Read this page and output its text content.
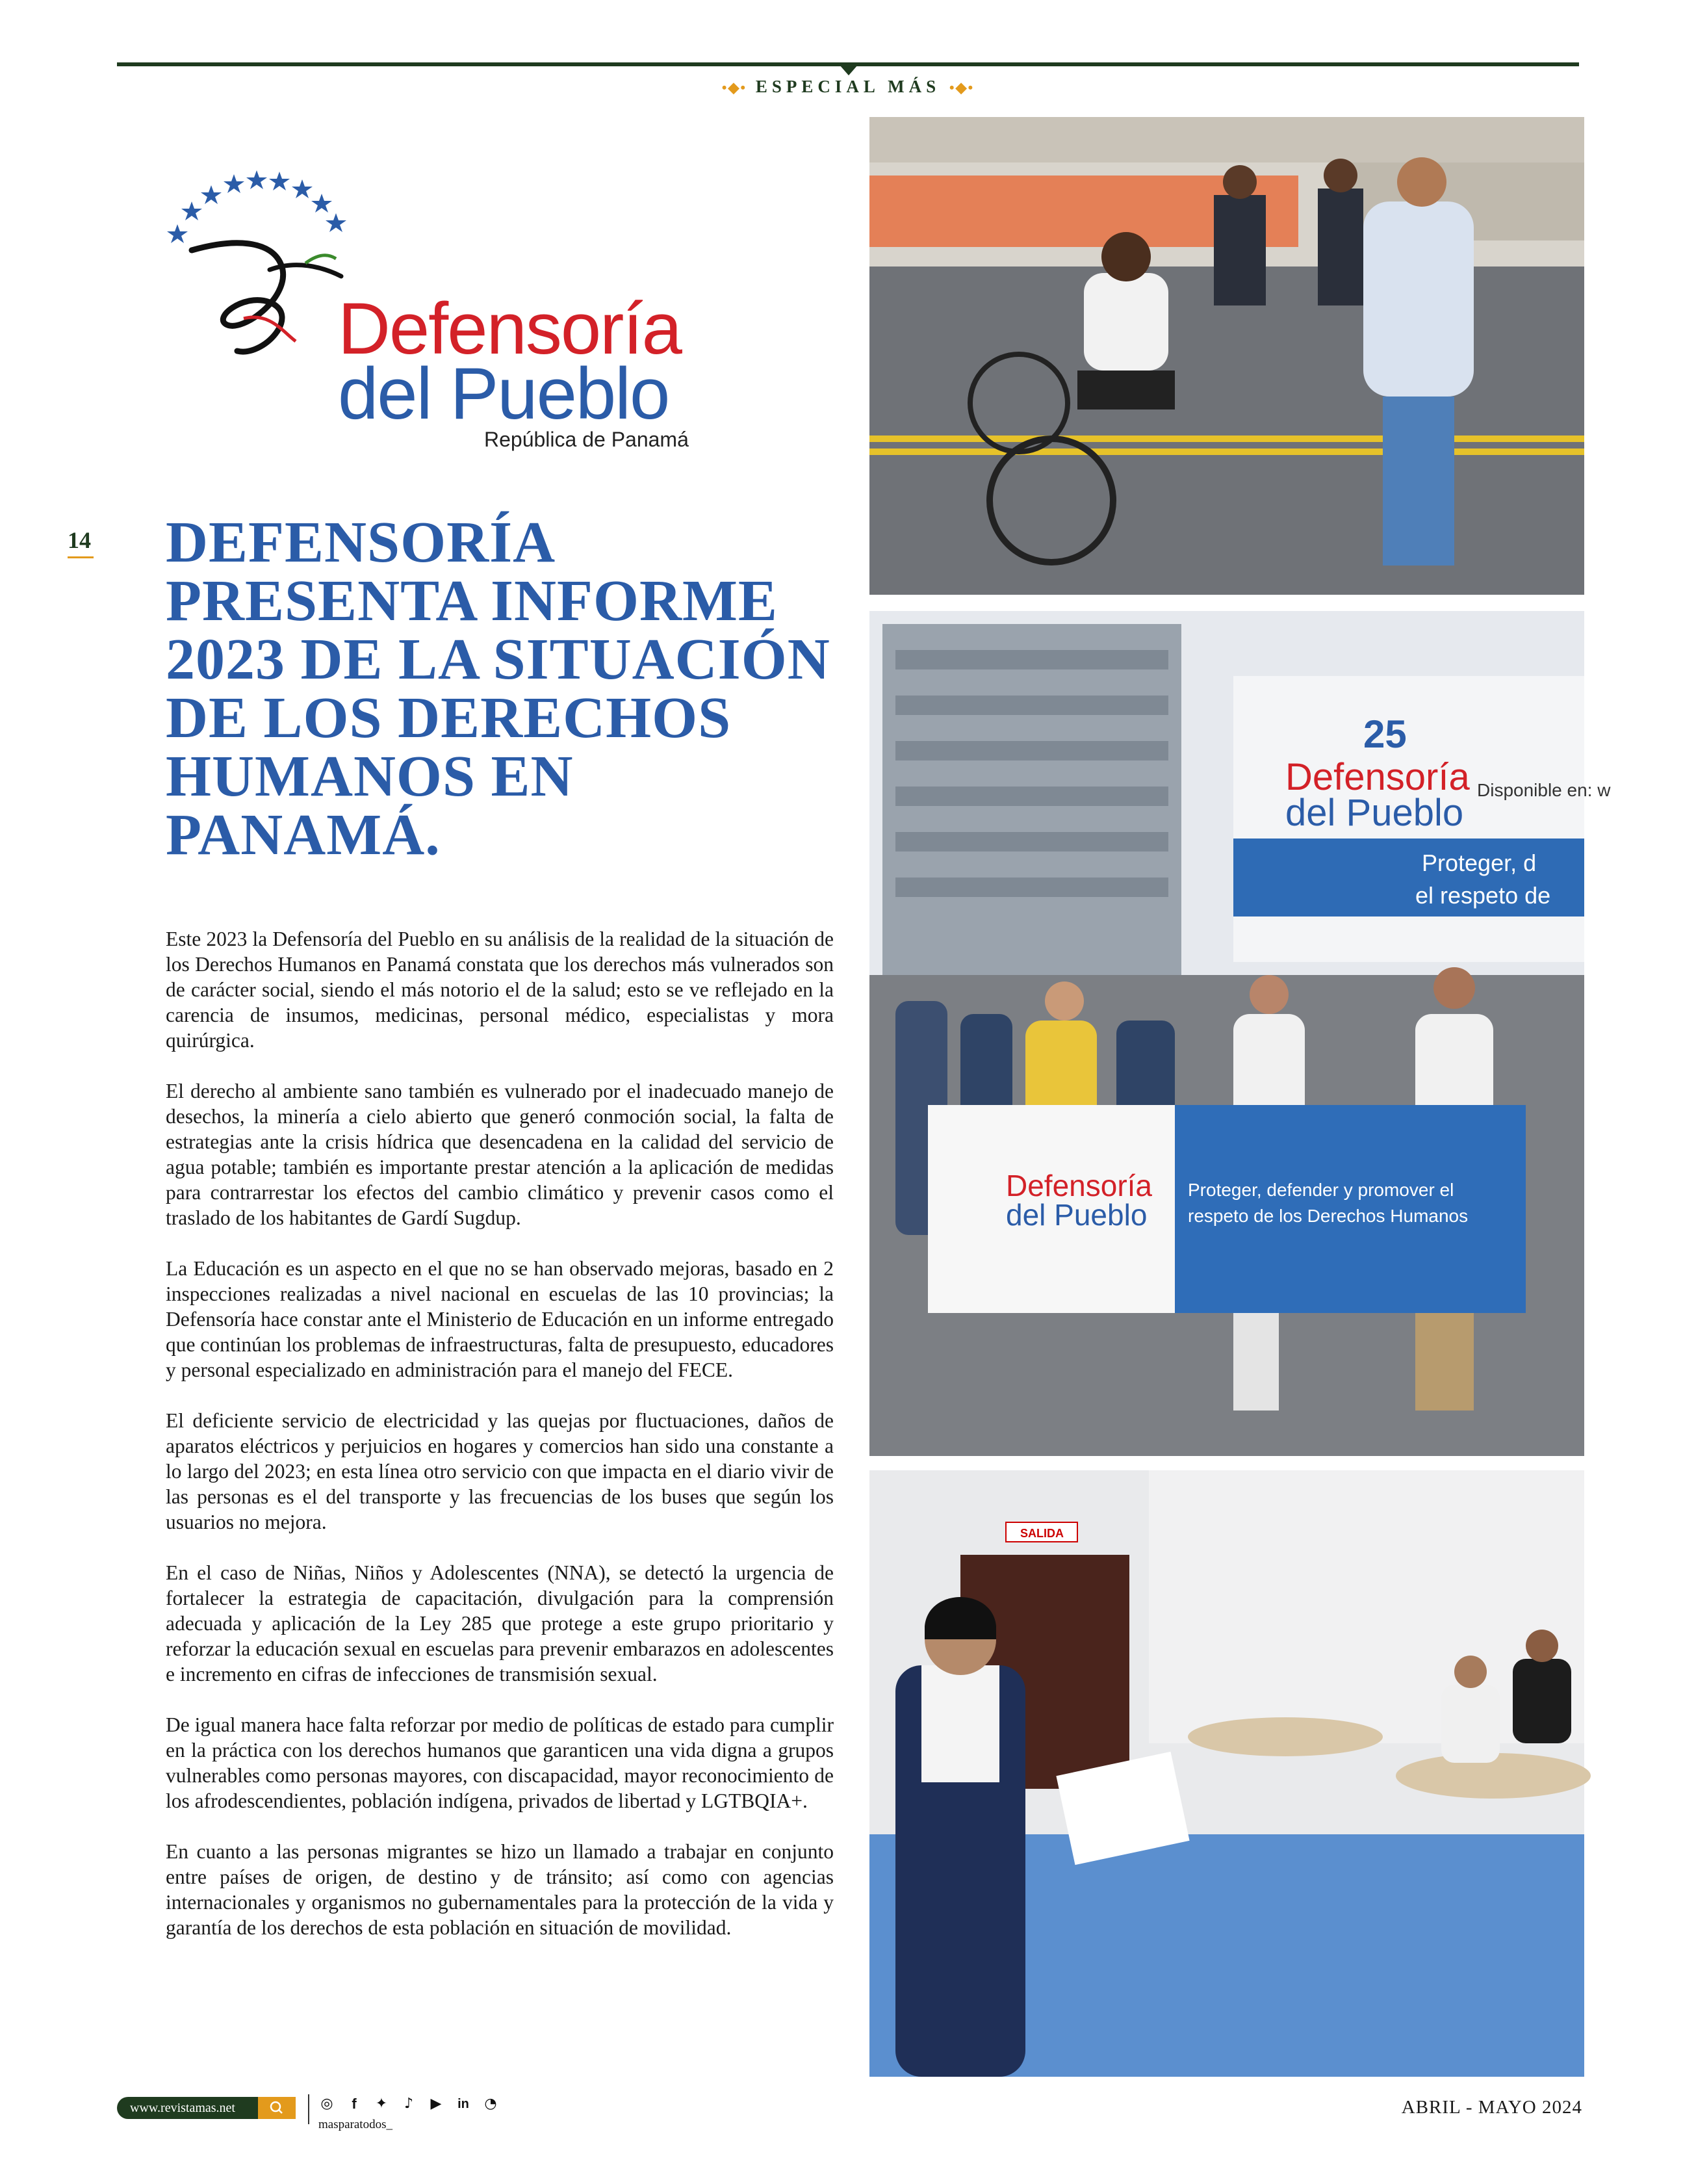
•◆• ESPECIAL MÁS •◆•
Defensoría
del Pueblo
República de Panamá
14 DEFENSORÍA PRESENTA INFORME 2023 DE LA SITUACIÓN DE LOS DERECHOS HUMANOS EN PANAMÁ.

Este 2023 la Defensoría del Pueblo en su análisis de la realidad de la situación de los Derechos Humanos en Panamá constata que los derechos más vulnerados son de carácter social, siendo el más notorio el de la salud; esto se ve reflejado en la carencia de insumos, medicinas, personal médico, especialistas y mora quirúrgica.

El derecho al ambiente sano también es vulnerado por el inadecuado manejo de desechos, la minería a cielo abierto que generó conmoción social, la falta de estrategias ante la crisis hídrica que desencadena en la calidad del servicio de agua potable; también es importante prestar atención a la aplicación de medidas para contrarrestar los efectos del cambio climático y prevenir casos como el traslado de los habitantes de Gardí Sugdup.

La Educación es un aspecto en el que no se han observado mejoras, basado en 2 inspecciones realizadas a nivel nacional en escuelas de las 10 provincias; la Defensoría hace constar ante el Ministerio de Educación en un informe entregado que continúan los problemas de infraestructuras, falta de presupuesto, educadores y personal especializado en administración para el manejo del FECE.

El deficiente servicio de electricidad y las quejas por fluctuaciones, daños de aparatos eléctricos y perjuicios en hogares y comercios han sido una constante a lo largo del 2023; en esta línea otro servicio con que impacta en el diario vivir de las personas es el del transporte y las frecuencias de los buses que según los usuarios no mejora.

En el caso de Niñas, Niños y Adolescentes (NNA), se detectó la urgencia de fortalecer la estrategia de capacitación, divulgación para la comprensión adecuada y aplicación de la Ley 285 que protege a este grupo prioritario y reforzar la educación sexual en escuelas para prevenir embarazos en adolescentes e incremento en cifras de infecciones de transmisión sexual.

De igual manera hace falta reforzar por medio de políticas de estado para cumplir en la práctica con los derechos humanos que garanticen una vida digna a grupos vulnerables como personas mayores, con discapacidad, mayor reconocimiento de los afrodescendientes, población indígena, privados de libertad y LGTBQIA+.

En cuanto a las personas migrantes se hizo un llamado a trabajar en conjunto entre países de origen, de destino y de tránsito; así como con agencias internacionales y organismos no gubernamentales para la protección de la vida y garantía de los derechos de esta población en situación de movilidad.

25
Defensoría
del Pueblo
Disponible en: w
Proteger, d
el respeto de
Defensoría
del Pueblo
Proteger, defender y promover el
respeto de los Derechos Humanos
SALIDA
www.revistamas.net	◎	f	✦ ♪ ▶ in ◔
masparatodos_
ABRIL - MAYO 2024
